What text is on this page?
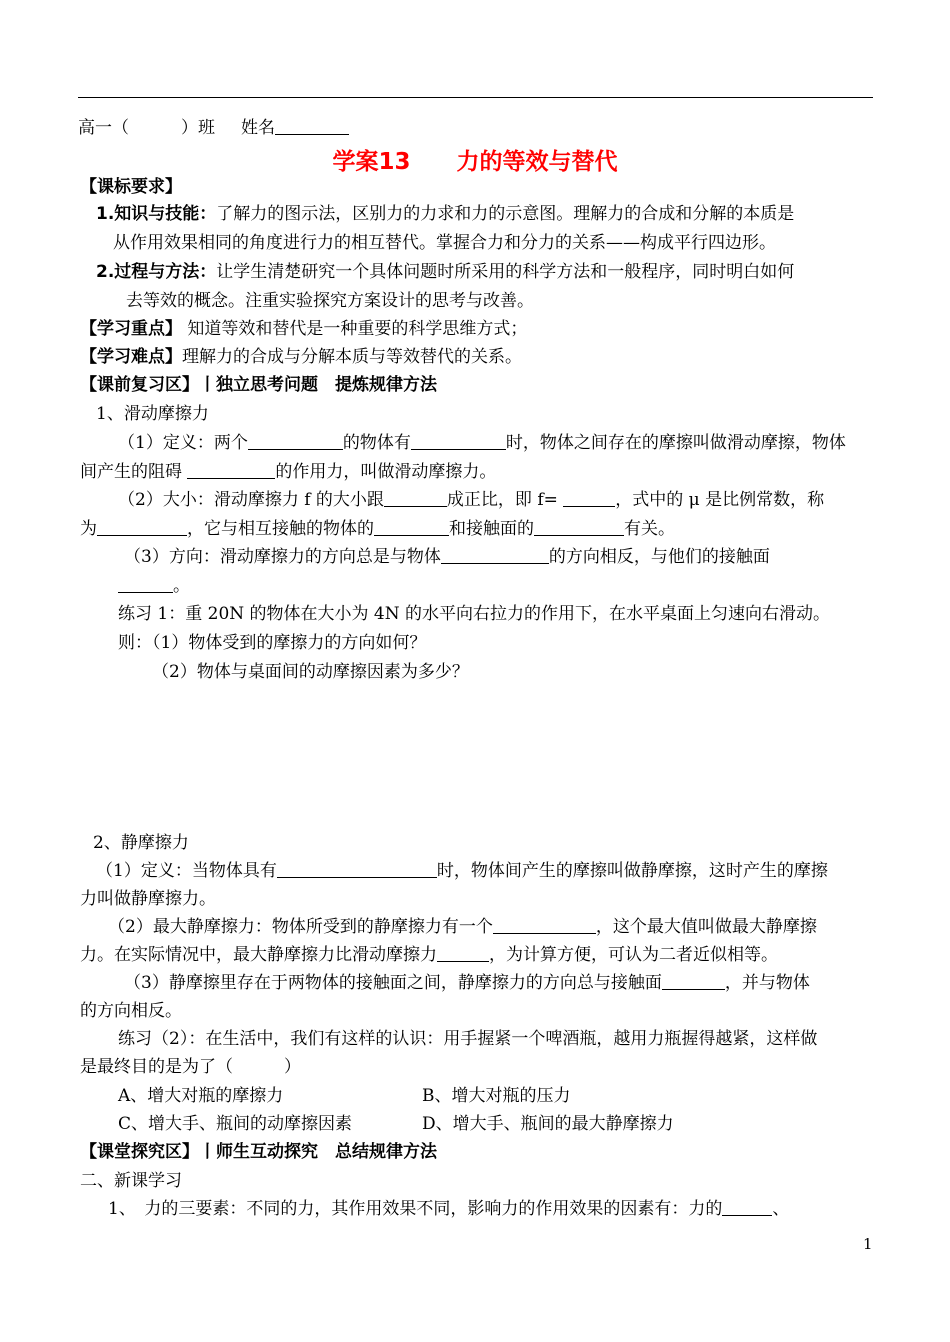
高一（	）班 姓名
学案13　　力的等效与替代
【课标要求】
1.知识与技能：了解力的图示法，区别力的力求和力的示意图。理解力的合成和分解的本质是
从作用效果相同的角度进行力的相互替代。掌握合力和分力的关系——构成平行四边形。
2.过程与方法：让学生清楚研究一个具体问题时所采用的科学方法和一般程序，同时明白如何
去等效的概念。注重实验探究方案设计的思考与改善。
【学习重点】 知道等效和替代是一种重要的科学思维方式；
【学习难点】理解力的合成与分解本质与等效替代的关系。
【课前复习区】丨独立思考问题　提炼规律方法
1、滑动摩擦力
（1）定义：两个	的物体有	时，物体之间存在的摩擦叫做滑动摩擦，物体
间产生的阻碍	的作用力，叫做滑动摩擦力。
（2）大小：滑动摩擦力 f 的大小跟	成正比，即 f=	，式中的 μ 是比例常数，称
为	，它与相互接触的物体的	和接触面的	有关。
（3）方向：滑动摩擦力的方向总是与物体	的方向相反，与他们的接触面
。
练习 1：重 20N 的物体在大小为 4N 的水平向右拉力的作用下，在水平桌面上匀速向右滑动。
则：（1）物体受到的摩擦力的方向如何？
（2）物体与桌面间的动摩擦因素为多少？
2、静摩擦力
（1）定义：当物体具有	时，物体间产生的摩擦叫做静摩擦，这时产生的摩擦
力叫做静摩擦力。
（2）最大静摩擦力：物体所受到的静摩擦力有一个	，这个最大值叫做最大静摩擦
力。在实际情况中，最大静摩擦力比滑动摩擦力	，为计算方便，可认为二者近似相等。
（3）静摩擦里存在于两物体的接触面之间，静摩擦力的方向总与接触面	，并与物体
的方向相反。
练习（2）：在生活中，我们有这样的认识：用手握紧一个啤酒瓶，越用力瓶握得越紧，这样做
是最终目的是为了（　　　）
A、增大对瓶的摩擦力	B、增大对瓶的压力
C、增大手、瓶间的动摩擦因素	D、增大手、瓶间的最大静摩擦力
【课堂探究区】丨师生互动探究　总结规律方法
二、新课学习
1、　力的三要素：不同的力，其作用效果不同，影响力的作用效果的因素有：力的	、
1
